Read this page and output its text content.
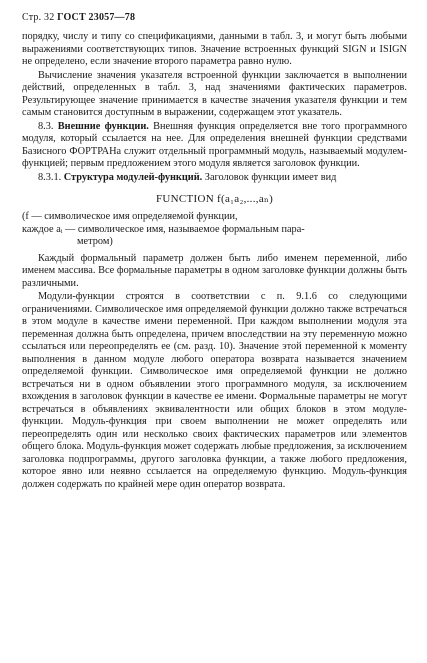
Стр. 32 ГОСТ 23057—78

порядку, числу и типу со спецификациями, данными в табл. 3, и могут быть любыми выражениями соответствующих типов. Значение встроенных функций SIGN и ISIGN не определено, если значение второго параметра равно нулю.

Вычисление значения указателя встроенной функции заключается в выполнении действий, определенных в табл. 3, над значениями фактических параметров. Результирующее значение принимается в качестве значения указателя функции и тем самым становится доступным в выражении, содержащем этот указатель.

8.3. Внешние функции. Внешняя функция определяется вне того программного модуля, который ссылается на нее. Для определения внешней функции средствами Базисного ФОРТРАНа служит отдельный программный модуль, называемый модулем-функцией; первым предложением этого модуля является заголовок функции.

8.3.1. Структура модулей-функций. Заголовок функции имеет вид

FUNCTION f(a₁a₂,...,aₙ)

(f — символическое имя определяемой функции,

каждое aᵢ — символическое имя, называемое формальным пара-

метром)

Каждый формальный параметр должен быть либо именем переменной, либо именем массива. Все формальные параметры в одном заголовке функции должны быть различными.

Модули-функции строятся в соответствии с п. 9.1.6 со следующими ограничениями. Символическое имя определяемой функции должно также встречаться в этом модуле в качестве имени переменной. При каждом выполнении модуля эта переменная должна быть определена, причем впоследствии на эту переменную можно ссылаться или переопределять ее (см. разд. 10). Значение этой переменной к моменту выполнения в данном модуле любого оператора возврата называется значением определяемой функции. Символическое имя определяемой функции не должно встречаться ни в одном объявлении этого программного модуля, за исключением вхождения в заголовок функции в качестве ее имени. Формальные параметры не могут встречаться в объявлениях эквивалентности или общих блоков в этом модуле-функции. Модуль-функция при своем выполнении не может определять или переопределять один или несколько своих фактических параметров или элементов общего блока. Модуль-функция может содержать любые предложения, за исключением заголовка подпрограммы, другого заголовка функции, а также любого предложения, которое явно или неявно ссылается на определяемую функцию. Модуль-функция должен содержать по крайней мере один оператор возврата.
